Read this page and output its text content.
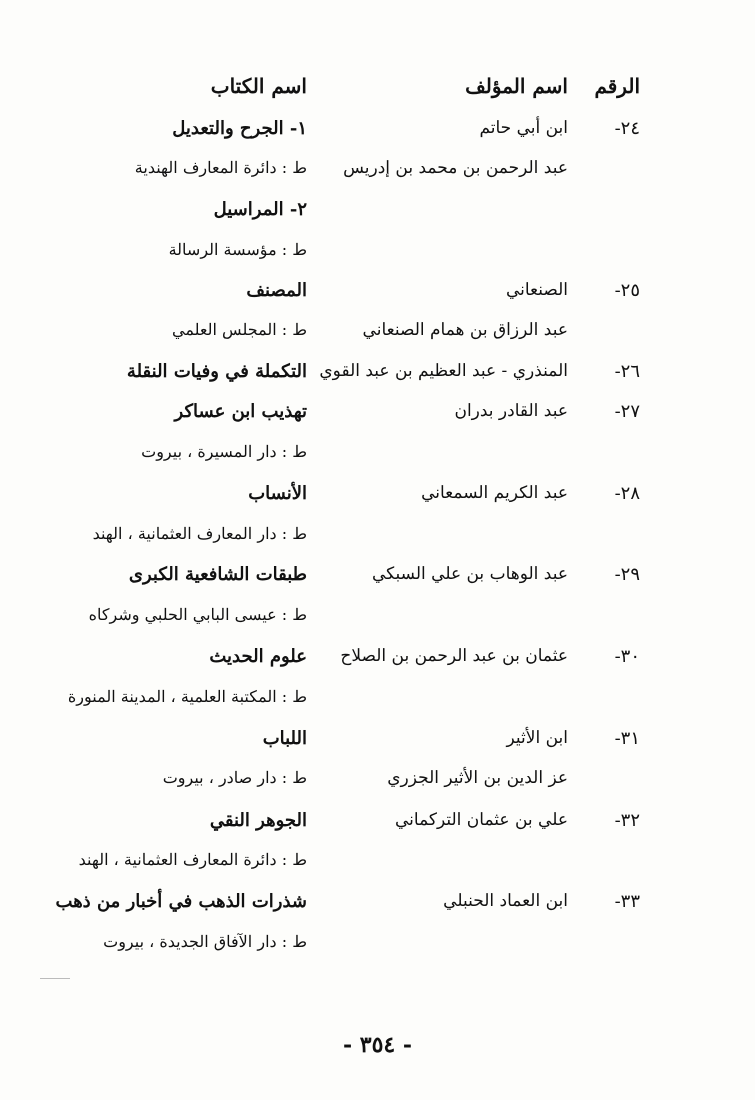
الرقم
اسم المؤلف
اسم الكتاب
٢٤-
ابن أبي حاتم
عبد الرحمن بن محمد بن إدريس
١- الجرح والتعديل
ط : دائرة المعارف الهندية
٢- المراسيل
ط : مؤسسة الرسالة
٢٥-
الصنعاني
عبد الرزاق بن همام الصنعاني
المصنف
ط : المجلس العلمي
٢٦-
المنذري - عبد العظيم بن عبد القوي
التكملة في وفيات النقلة
٢٧-
عبد القادر بدران
تهذيب ابن عساكر
ط : دار المسيرة ، بيروت
٢٨-
عبد الكريم السمعاني
الأنساب
ط : دار المعارف العثمانية ، الهند
٢٩-
عبد الوهاب بن علي السبكي
طبقات الشافعية الكبرى
ط : عيسى البابي الحلبي وشركاه
٣٠-
عثمان بن عبد الرحمن بن الصلاح
علوم الحديث
ط : المكتبة العلمية ، المدينة المنورة
٣١-
ابن الأثير
عز الدين بن الأثير الجزري
اللباب
ط : دار صادر ، بيروت
٣٢-
علي بن عثمان التركماني
الجوهر النقي
ط : دائرة المعارف العثمانية ، الهند
٣٣-
ابن العماد الحنبلي
شذرات الذهب في أخبار من ذهب
ط : دار الآفاق الجديدة ، بيروت
- ٣٥٤ -
